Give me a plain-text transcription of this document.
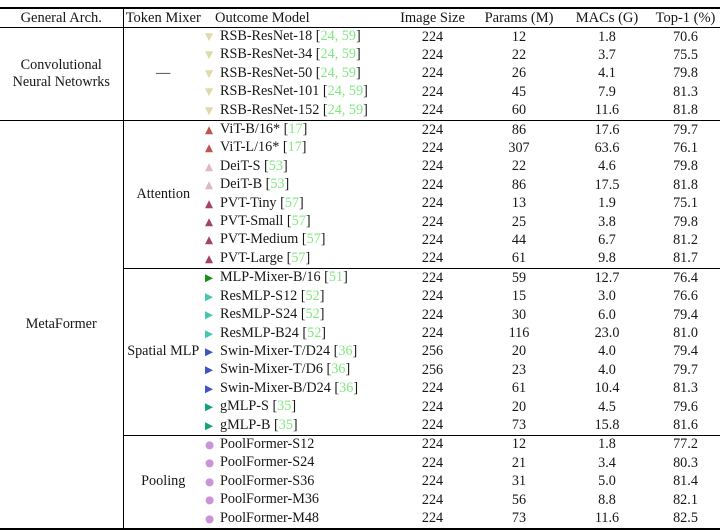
General Arch.	Token Mixer	Outcome Model	Image Size	Params (M)	MACs (G)	Top-1 (%)

Convolutional
Neural Netowrks	—	▼ RSB-ResNet-18 [24, 59]	224	12	1.8	70.6
		▼ RSB-ResNet-34 [24, 59]	224	22	3.7	75.5
		▼ RSB-ResNet-50 [24, 59]	224	26	4.1	79.8
		▼ RSB-ResNet-101 [24, 59]	224	45	7.9	81.3
		▼ RSB-ResNet-152 [24, 59]	224	60	11.6	81.8

MetaFormer	Attention	▲ ViT-B/16* [17]	224	86	17.6	79.7
		▲ ViT-L/16* [17]	224	307	63.6	76.1
		▲ DeiT-S [53]	224	22	4.6	79.8
		▲ DeiT-B [53]	224	86	17.5	81.8
		▲ PVT-Tiny [57]	224	13	1.9	75.1
		▲ PVT-Small [57]	224	25	3.8	79.8
		▲ PVT-Medium [57]	224	44	6.7	81.2
		▲ PVT-Large [57]	224	61	9.8	81.7
	Spatial MLP	▶ MLP-Mixer-B/16 [51]	224	59	12.7	76.4
		▶ ResMLP-S12 [52]	224	15	3.0	76.6
		▶ ResMLP-S24 [52]	224	30	6.0	79.4
		▶ ResMLP-B24 [52]	224	116	23.0	81.0
		▶ Swin-Mixer-T/D24 [36]	256	20	4.0	79.4
		▶ Swin-Mixer-T/D6 [36]	256	23	4.0	79.7
		▶ Swin-Mixer-B/D24 [36]	224	61	10.4	81.3
		▶ gMLP-S [35]	224	20	4.5	79.6
		▶ gMLP-B [35]	224	73	15.8	81.6
	Pooling	● PoolFormer-S12	224	12	1.8	77.2
		● PoolFormer-S24	224	21	3.4	80.3
		● PoolFormer-S36	224	31	5.0	81.4
		● PoolFormer-M36	224	56	8.8	82.1
		● PoolFormer-M48	224	73	11.6	82.5
